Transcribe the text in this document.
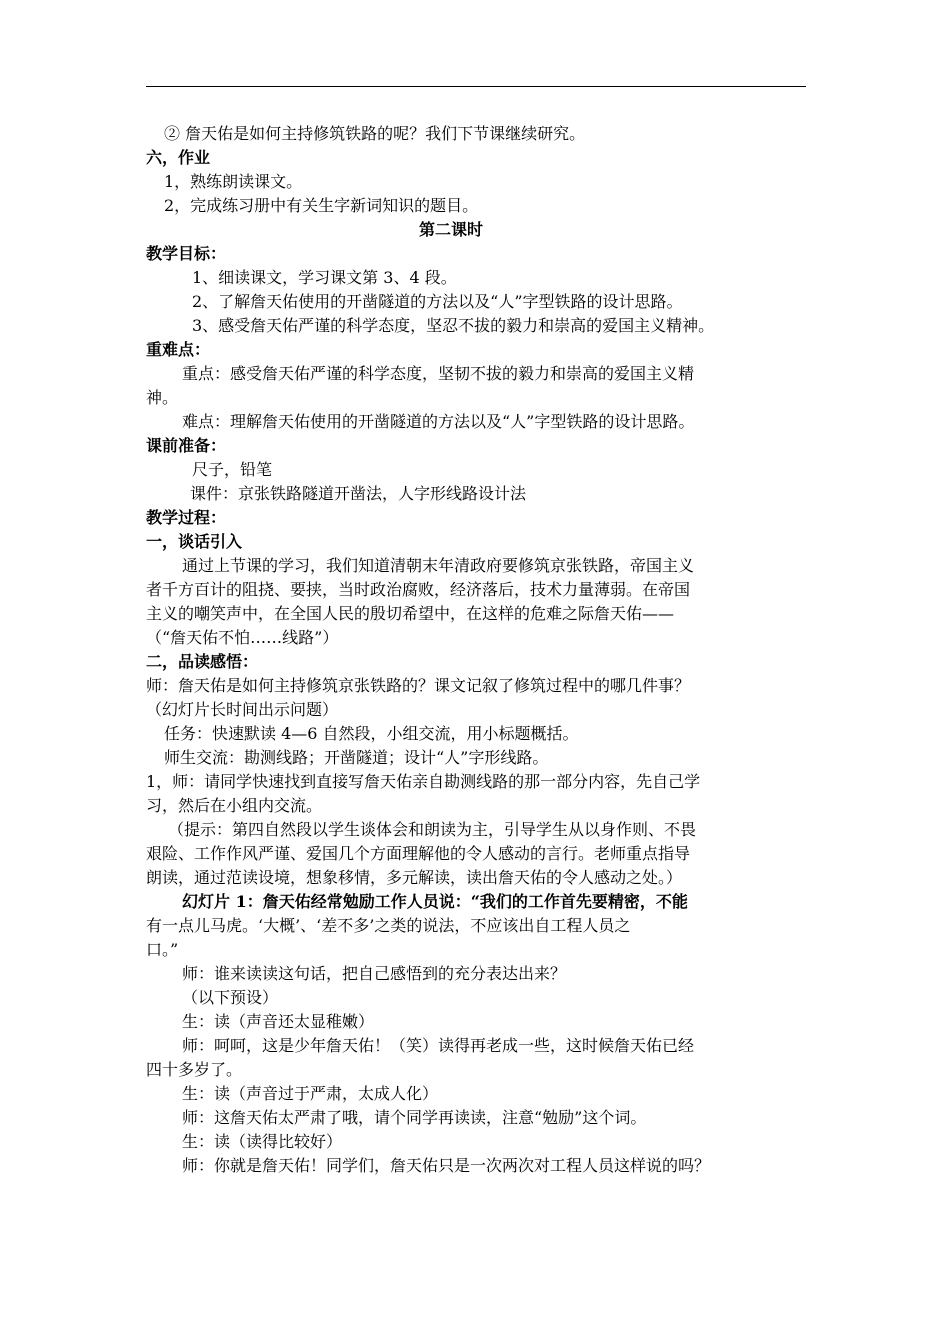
② 詹天佑是如何主持修筑铁路的呢？我们下节课继续研究。

六，作业

1，熟练朗读课文。

2，完成练习册中有关生字新词知识的题目。

第二课时

教学目标：

1、细读课文，学习课文第 3、4 段。

2、了解詹天佑使用的开凿隧道的方法以及“人”字型铁路的设计思路。

3、感受詹天佑严谨的科学态度，坚忍不拔的毅力和崇高的爱国主义精神。

重难点：

重点：感受詹天佑严谨的科学态度，坚韧不拔的毅力和崇高的爱国主义精

神。

难点：理解詹天佑使用的开凿隧道的方法以及“人”字型铁路的设计思路。

课前准备：

尺子，铅笔

课件：京张铁路隧道开凿法，人字形线路设计法

教学过程：

一，谈话引入

通过上节课的学习，我们知道清朝末年清政府要修筑京张铁路，帝国主义

者千方百计的阻挠、要挟，当时政治腐败，经济落后，技术力量薄弱。在帝国

主义的嘲笑声中，在全国人民的殷切希望中，在这样的危难之际詹天佑——

（“詹天佑不怕……线路”）

二，品读感悟：

师：詹天佑是如何主持修筑京张铁路的？课文记叙了修筑过程中的哪几件事？

（幻灯片长时间出示问题）

任务：快速默读 4—6 自然段，小组交流，用小标题概括。

师生交流：勘测线路；开凿隧道；设计“人”字形线路。

1，师：请同学快速找到直接写詹天佑亲自勘测线路的那一部分内容，先自己学

习，然后在小组内交流。

（提示：第四自然段以学生谈体会和朗读为主，引导学生从以身作则、不畏

艰险、工作作风严谨、爱国几个方面理解他的令人感动的言行。老师重点指导

朗读，通过范读设境，想象移情，多元解读，读出詹天佑的令人感动之处。）

幻灯片 1：詹天佑经常勉励工作人员说：“我们的工作首先要精密，不能

有一点儿马虎。‘大概’、‘差不多’之类的说法，不应该出自工程人员之

口。”

师：谁来读读这句话，把自己感悟到的充分表达出来？

（以下预设）

生：读（声音还太显稚嫩）

师：呵呵，这是少年詹天佑！（笑）读得再老成一些，这时候詹天佑已经

四十多岁了。

生：读（声音过于严肃，太成人化）

师：这詹天佑太严肃了哦，请个同学再读读，注意“勉励”这个词。

生：读（读得比较好）

师：你就是詹天佑！同学们，詹天佑只是一次两次对工程人员这样说的吗？
